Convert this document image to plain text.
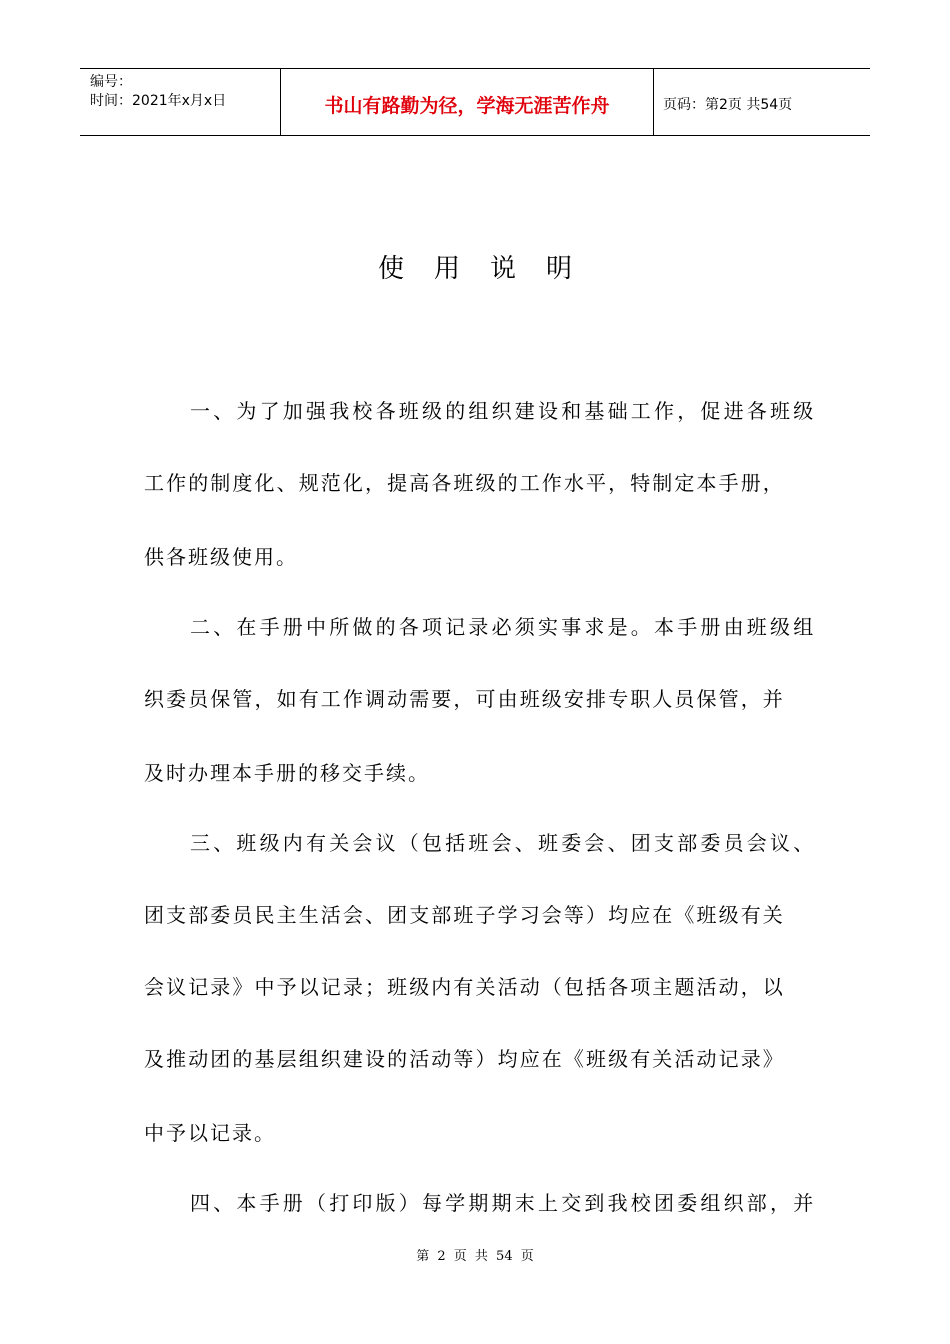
编号：
时间：2021年x月x日	书山有路勤为径，学海无涯苦作舟	页码：第2页 共54页
使用说明
一、为了加强我校各班级的组织建设和基础工作，促进各班级
工作的制度化、规范化，提高各班级的工作水平，特制定本手册，
供各班级使用。
二、在手册中所做的各项记录必须实事求是。本手册由班级组
织委员保管，如有工作调动需要，可由班级安排专职人员保管，并
及时办理本手册的移交手续。
三、班级内有关会议（包括班会、班委会、团支部委员会议、
团支部委员民主生活会、团支部班子学习会等）均应在《班级有关
会议记录》中予以记录；班级内有关活动（包括各项主题活动，以
及推动团的基层组织建设的活动等）均应在《班级有关活动记录》
中予以记录。
四、本手册（打印版）每学期期末上交到我校团委组织部，并
第 2 页 共 54 页
